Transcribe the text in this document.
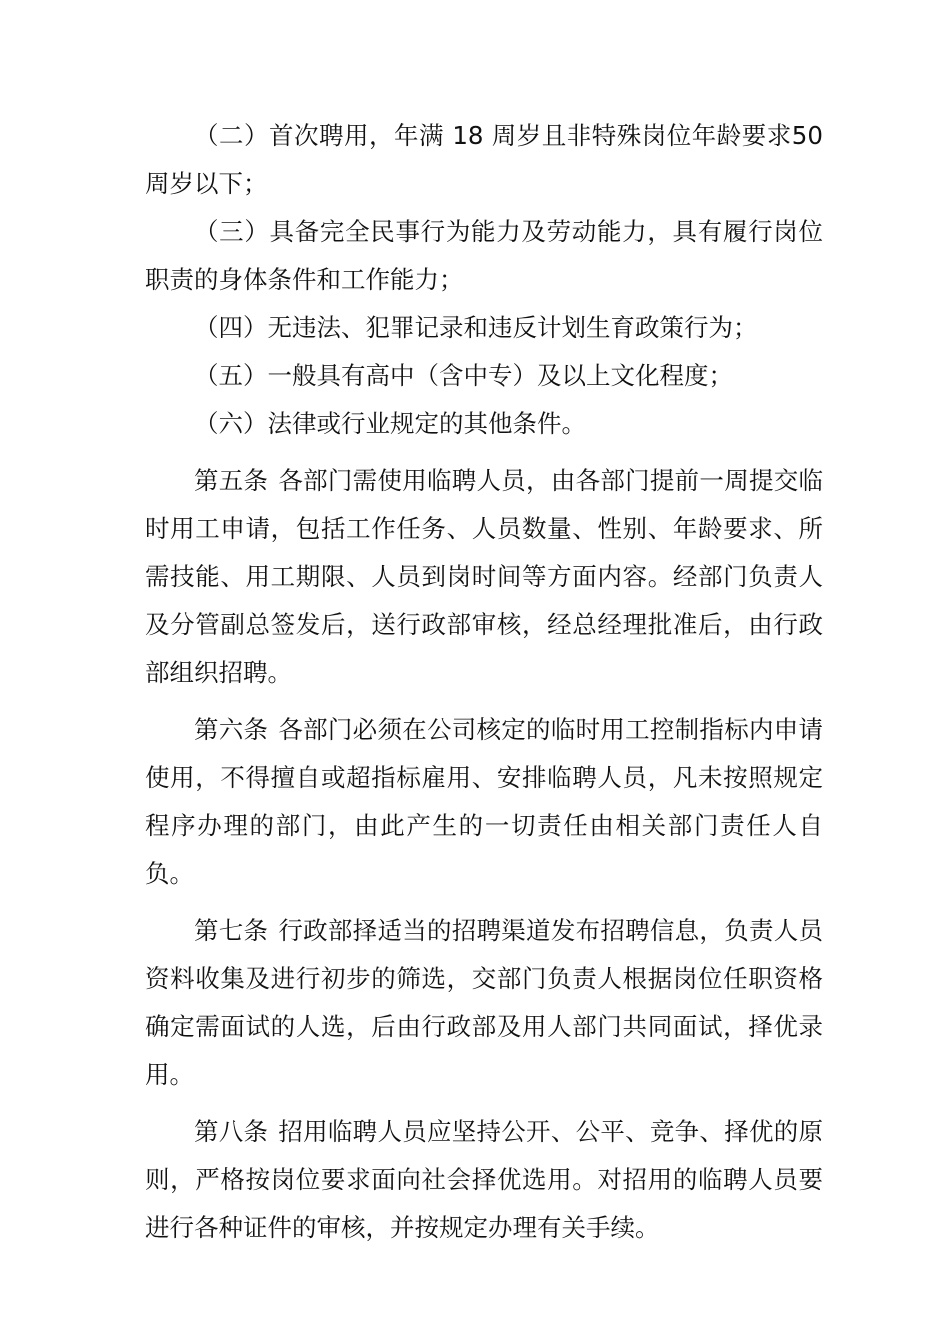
（二）首次聘用，年满 18 周岁且非特殊岗位年龄要求50 周岁以下；

（三）具备完全民事行为能力及劳动能力，具有履行岗位职责的身体条件和工作能力；

（四）无违法、犯罪记录和违反计划生育政策行为；

（五）一般具有高中（含中专）及以上文化程度；

（六）法律或行业规定的其他条件。

第五条 各部门需使用临聘人员，由各部门提前一周提交临时用工申请，包括工作任务、人员数量、性别、年龄要求、所需技能、用工期限、人员到岗时间等方面内容。经部门负责人及分管副总签发后，送行政部审核，经总经理批准后，由行政部组织招聘。

第六条 各部门必须在公司核定的临时用工控制指标内申请使用，不得擅自或超指标雇用、安排临聘人员，凡未按照规定程序办理的部门，由此产生的一切责任由相关部门责任人自负。

第七条 行政部择适当的招聘渠道发布招聘信息，负责人员资料收集及进行初步的筛选，交部门负责人根据岗位任职资格确定需面试的人选，后由行政部及用人部门共同面试，择优录用。

第八条 招用临聘人员应坚持公开、公平、竞争、择优的原则，严格按岗位要求面向社会择优选用。对招用的临聘人员要进行各种证件的审核，并按规定办理有关手续。
